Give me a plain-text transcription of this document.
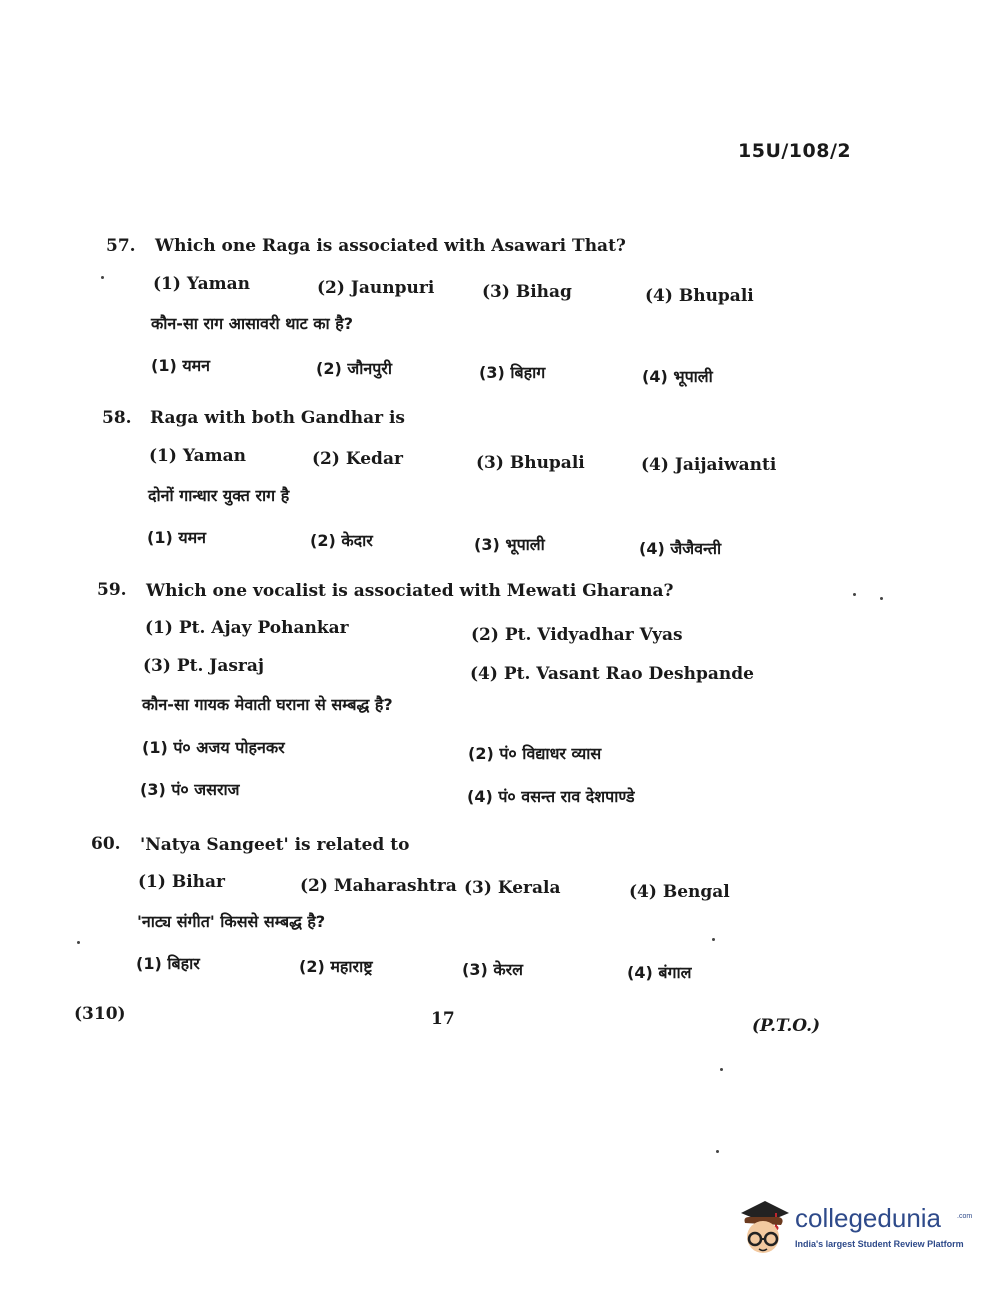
15U/108/2
57. Which one Raga is associated with Asawari That?
(1) Yaman	(2) Jaunpuri	(3) Bihag	(4) Bhupali
कौन-सा राग आसावरी थाट का है?
(1) यमन	(2) जौनपुरी	(3) बिहाग	(4) भूपाली
58. Raga with both Gandhar is
(1) Yaman	(2) Kedar	(3) Bhupali	(4) Jaijaiwanti
दोनों गान्धार युक्त राग है
(1) यमन	(2) केदार	(3) भूपाली	(4) जैजैवन्ती
59. Which one vocalist is associated with Mewati Gharana?
(1) Pt. Ajay Pohankar	(2) Pt. Vidyadhar Vyas
(3) Pt. Jasraj	(4) Pt. Vasant Rao Deshpande
कौन-सा गायक मेवाती घराना से सम्बद्ध है?
(1) पं० अजय पोहनकर	(2) पं० विद्याधर व्यास
(3) पं० जसराज	(4) पं० वसन्त राव देशपाण्डे
60. 'Natya Sangeet' is related to
(1) Bihar	(2) Maharashtra (3) Kerala	(4) Bengal
'नाट्य संगीत' किससे सम्बद्ध है?
(1) बिहार	(2) महाराष्ट्र	(3) केरल	(4) बंगाल
(310)	17	(P.T.O.)
collegedunia .com
India's largest Student Review Platform
